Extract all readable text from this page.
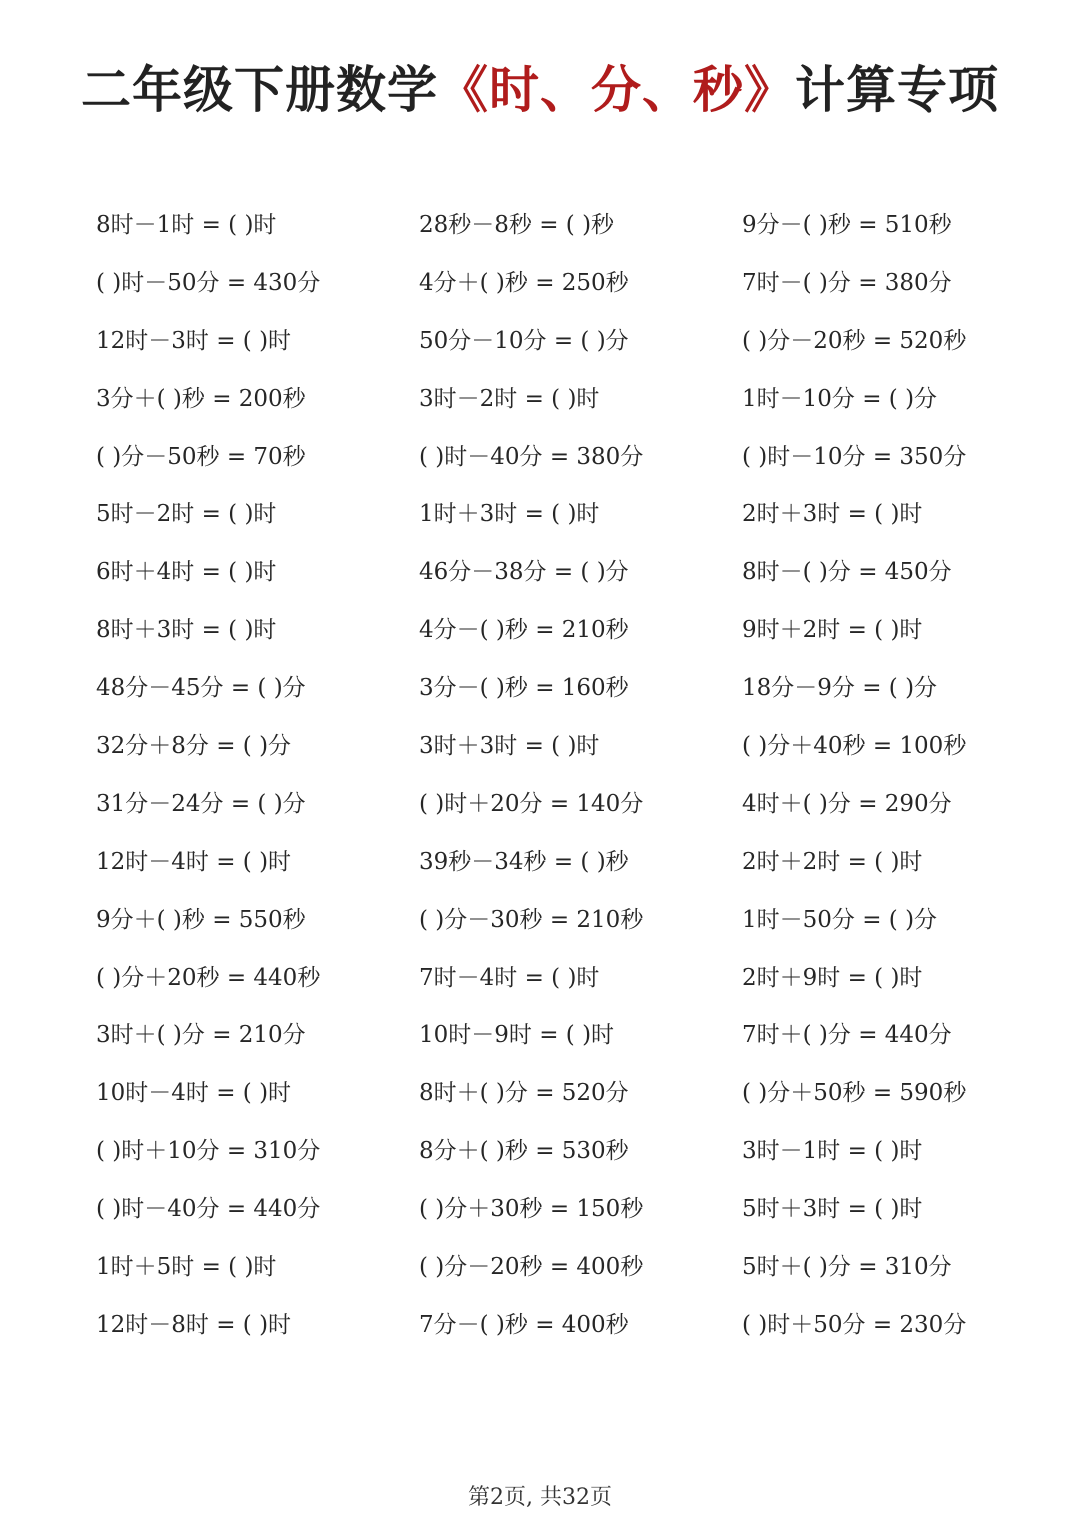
二年级下册数学《时、分、秒》计算专项
8时－1时 = ( )时	28秒－8秒 = ( )秒	9分－( )秒 = 510秒
( )时－50分 = 430分	4分＋( )秒 = 250秒	7时－( )分 = 380分
12时－3时 = ( )时	50分－10分 = ( )分	( )分－20秒 = 520秒
3分＋( )秒 = 200秒	3时－2时 = ( )时	1时－10分 = ( )分
( )分－50秒 = 70秒	( )时－40分 = 380分	( )时－10分 = 350分
5时－2时 = ( )时	1时＋3时 = ( )时	2时＋3时 = ( )时
6时＋4时 = ( )时	46分－38分 = ( )分	8时－( )分 = 450分
8时＋3时 = ( )时	4分－( )秒 = 210秒	9时＋2时 = ( )时
48分－45分 = ( )分	3分－( )秒 = 160秒	18分－9分 = ( )分
32分＋8分 = ( )分	3时＋3时 = ( )时	( )分＋40秒 = 100秒
31分－24分 = ( )分	( )时＋20分 = 140分	4时＋( )分 = 290分
12时－4时 = ( )时	39秒－34秒 = ( )秒	2时＋2时 = ( )时
9分＋( )秒 = 550秒	( )分－30秒 = 210秒	1时－50分 = ( )分
( )分＋20秒 = 440秒	7时－4时 = ( )时	2时＋9时 = ( )时
3时＋( )分 = 210分	10时－9时 = ( )时	7时＋( )分 = 440分
10时－4时 = ( )时	8时＋( )分 = 520分	( )分＋50秒 = 590秒
( )时＋10分 = 310分	8分＋( )秒 = 530秒	3时－1时 = ( )时
( )时－40分 = 440分	( )分＋30秒 = 150秒	5时＋3时 = ( )时
1时＋5时 = ( )时	( )分－20秒 = 400秒	5时＋( )分 = 310分
12时－8时 = ( )时	7分－( )秒 = 400秒	( )时＋50分 = 230分
第2页, 共32页
